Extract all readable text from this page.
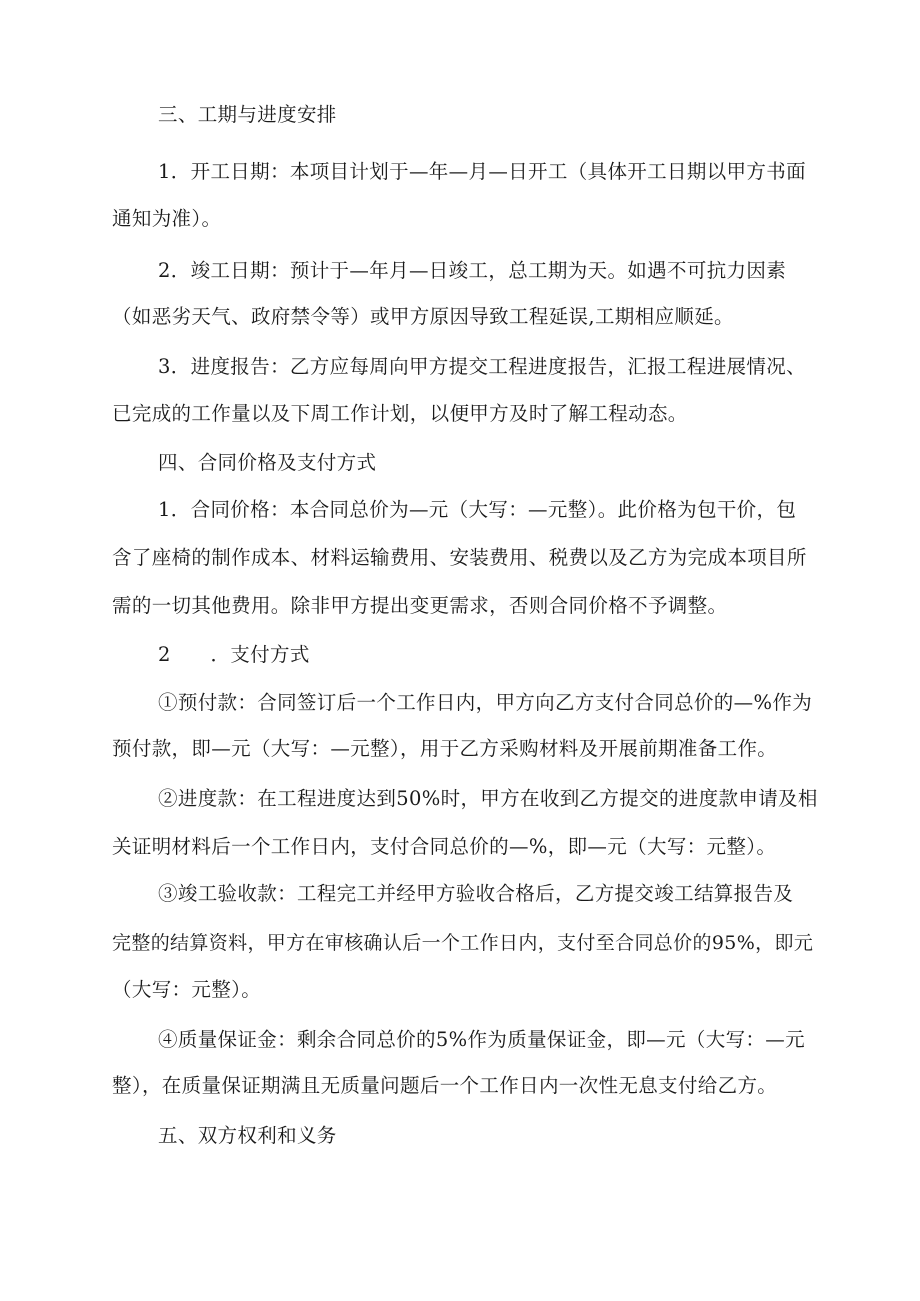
三、工期与进度安排
1．开工日期：本项目计划于—年—月—日开工（具体开工日期以甲方书面
通知为准）。
2．竣工日期：预计于—年月—日竣工，总工期为天。如遇不可抗力因素
（如恶劣天气、政府禁令等）或甲方原因导致工程延误,工期相应顺延。
3．进度报告：乙方应每周向甲方提交工程进度报告，汇报工程进展情况、
已完成的工作量以及下周工作计划，以便甲方及时了解工程动态。
四、合同价格及支付方式
1．合同价格：本合同总价为—元（大写：—元整）。此价格为包干价，包
含了座椅的制作成本、材料运输费用、安装费用、税费以及乙方为完成本项目所
需的一切其他费用。除非甲方提出变更需求，否则合同价格不予调整。
2　　．支付方式
①预付款：合同签订后一个工作日内，甲方向乙方支付合同总价的—%作为
预付款，即—元（大写：—元整），用于乙方采购材料及开展前期准备工作。
②进度款：在工程进度达到50%时，甲方在收到乙方提交的进度款申请及相
关证明材料后一个工作日内，支付合同总价的—%，即—元（大写：元整）。
③竣工验收款：工程完工并经甲方验收合格后，乙方提交竣工结算报告及
完整的结算资料，甲方在审核确认后一个工作日内，支付至合同总价的95%，即元
（大写：元整）。
④质量保证金：剩余合同总价的5%作为质量保证金，即—元（大写：—元
整），在质量保证期满且无质量问题后一个工作日内一次性无息支付给乙方。
五、双方权利和义务
